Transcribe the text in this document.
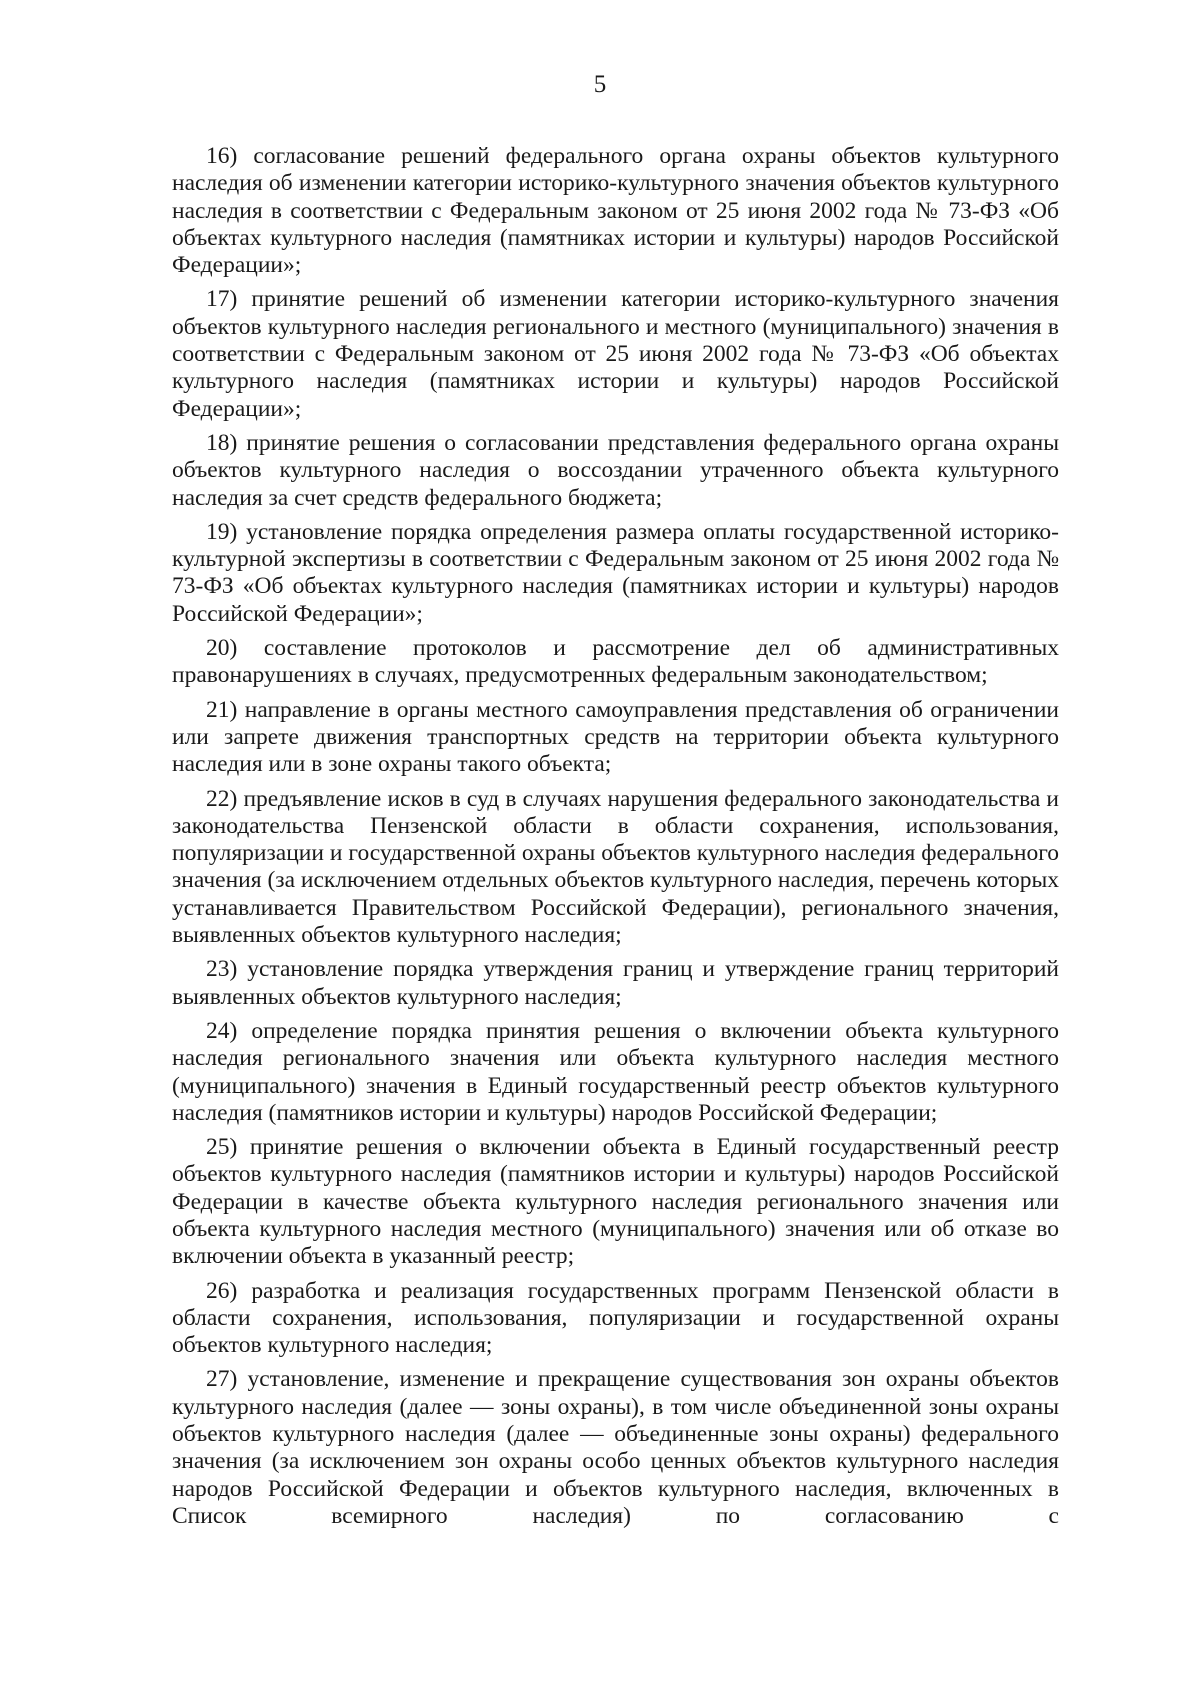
5

16) согласование решений федерального органа охраны объектов культурного наследия об изменении категории историко-культурного значения объектов культурного наследия в соответствии с Федеральным законом от 25 июня 2002 года № 73-ФЗ «Об объектах культурного наследия (памятниках истории и культуры) народов Российской Федерации»;

17) принятие решений об изменении категории историко-культурного значения объектов культурного наследия регионального и местного (муниципального) значения в соответствии с Федеральным законом от 25 июня 2002 года № 73-ФЗ «Об объектах культурного наследия (памятниках истории и культуры) народов Российской Федерации»;

18) принятие решения о согласовании представления федерального органа охраны объектов культурного наследия о воссоздании утраченного объекта культурного наследия за счет средств федерального бюджета;

19) установление порядка определения размера оплаты государственной историко-культурной экспертизы в соответствии с Федеральным законом от 25 июня 2002 года № 73-ФЗ «Об объектах культурного наследия (памятниках истории и культуры) народов Российской Федерации»;

20) составление протоколов и рассмотрение дел об административных правонарушениях в случаях, предусмотренных федеральным законодательством;

21) направление в органы местного самоуправления представления об ограничении или запрете движения транспортных средств на территории объекта культурного наследия или в зоне охраны такого объекта;

22) предъявление исков в суд в случаях нарушения федерального законодательства и законодательства Пензенской области в области сохранения, использования, популяризации и государственной охраны объектов культурного наследия федерального значения (за исключением отдельных объектов культурного наследия, перечень которых устанавливается Правительством Российской Федерации), регионального значения, выявленных объектов культурного наследия;

23) установление порядка утверждения границ и утверждение границ территорий выявленных объектов культурного наследия;

24) определение порядка принятия решения о включении объекта культурного наследия регионального значения или объекта культурного наследия местного (муниципального) значения в Единый государственный реестр объектов культурного наследия (памятников истории и культуры) народов Российской Федерации;

25) принятие решения о включении объекта в Единый государственный реестр объектов культурного наследия (памятников истории и культуры) народов Российской Федерации в качестве объекта культурного наследия регионального значения или объекта культурного наследия местного (муниципального) значения или об отказе во включении объекта в указанный реестр;

26) разработка и реализация государственных программ Пензенской области в области сохранения, использования, популяризации и государственной охраны объектов культурного наследия;

27) установление, изменение и прекращение существования зон охраны объектов культурного наследия (далее — зоны охраны), в том числе объединенной зоны охраны объектов культурного наследия (далее — объединенные зоны охраны) федерального значения (за исключением зон охраны особо ценных объектов культурного наследия народов Российской Федерации и объектов культурного наследия, включенных в Список всемирного наследия) по согласованию с
